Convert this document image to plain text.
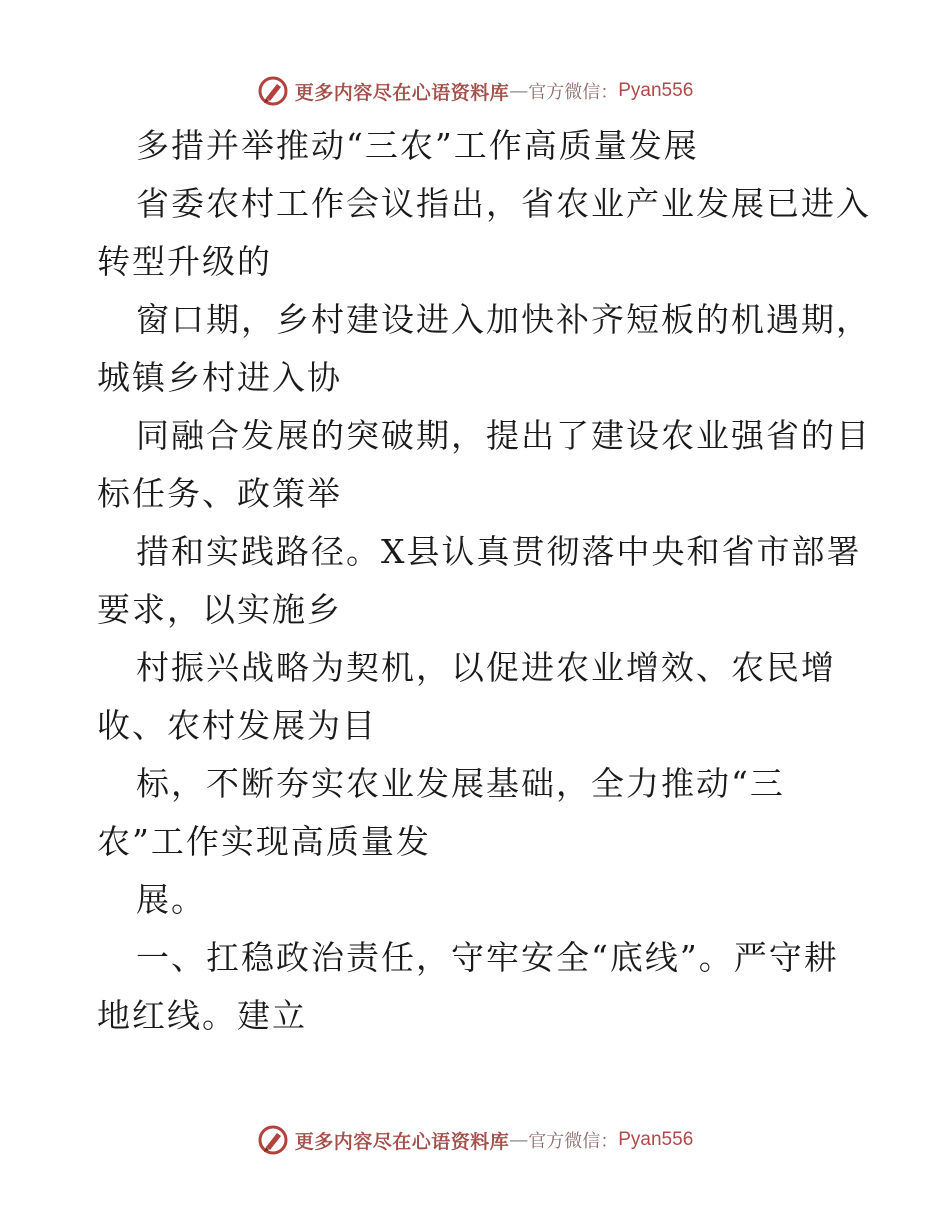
更多内容尽在心语资料库 — 官方微信： Pyan556

多措并举推动“三农”工作高质量发展

省委农村工作会议指出，省农业产业发展已进入

转型升级的

窗口期，乡村建设进入加快补齐短板的机遇期，

城镇乡村进入协

同融合发展的突破期，提出了建设农业强省的目

标任务、政策举

措和实践路径。X县认真贯彻落中央和省市部署

要求，以实施乡

村振兴战略为契机，以促进农业增效、农民增

收、农村发展为目

标，不断夯实农业发展基础，全力推动“三

农”工作实现高质量发

展。

一、扛稳政治责任，守牢安全“底线”。严守耕

地红线。建立

更多内容尽在心语资料库 — 官方微信： Pyan556
